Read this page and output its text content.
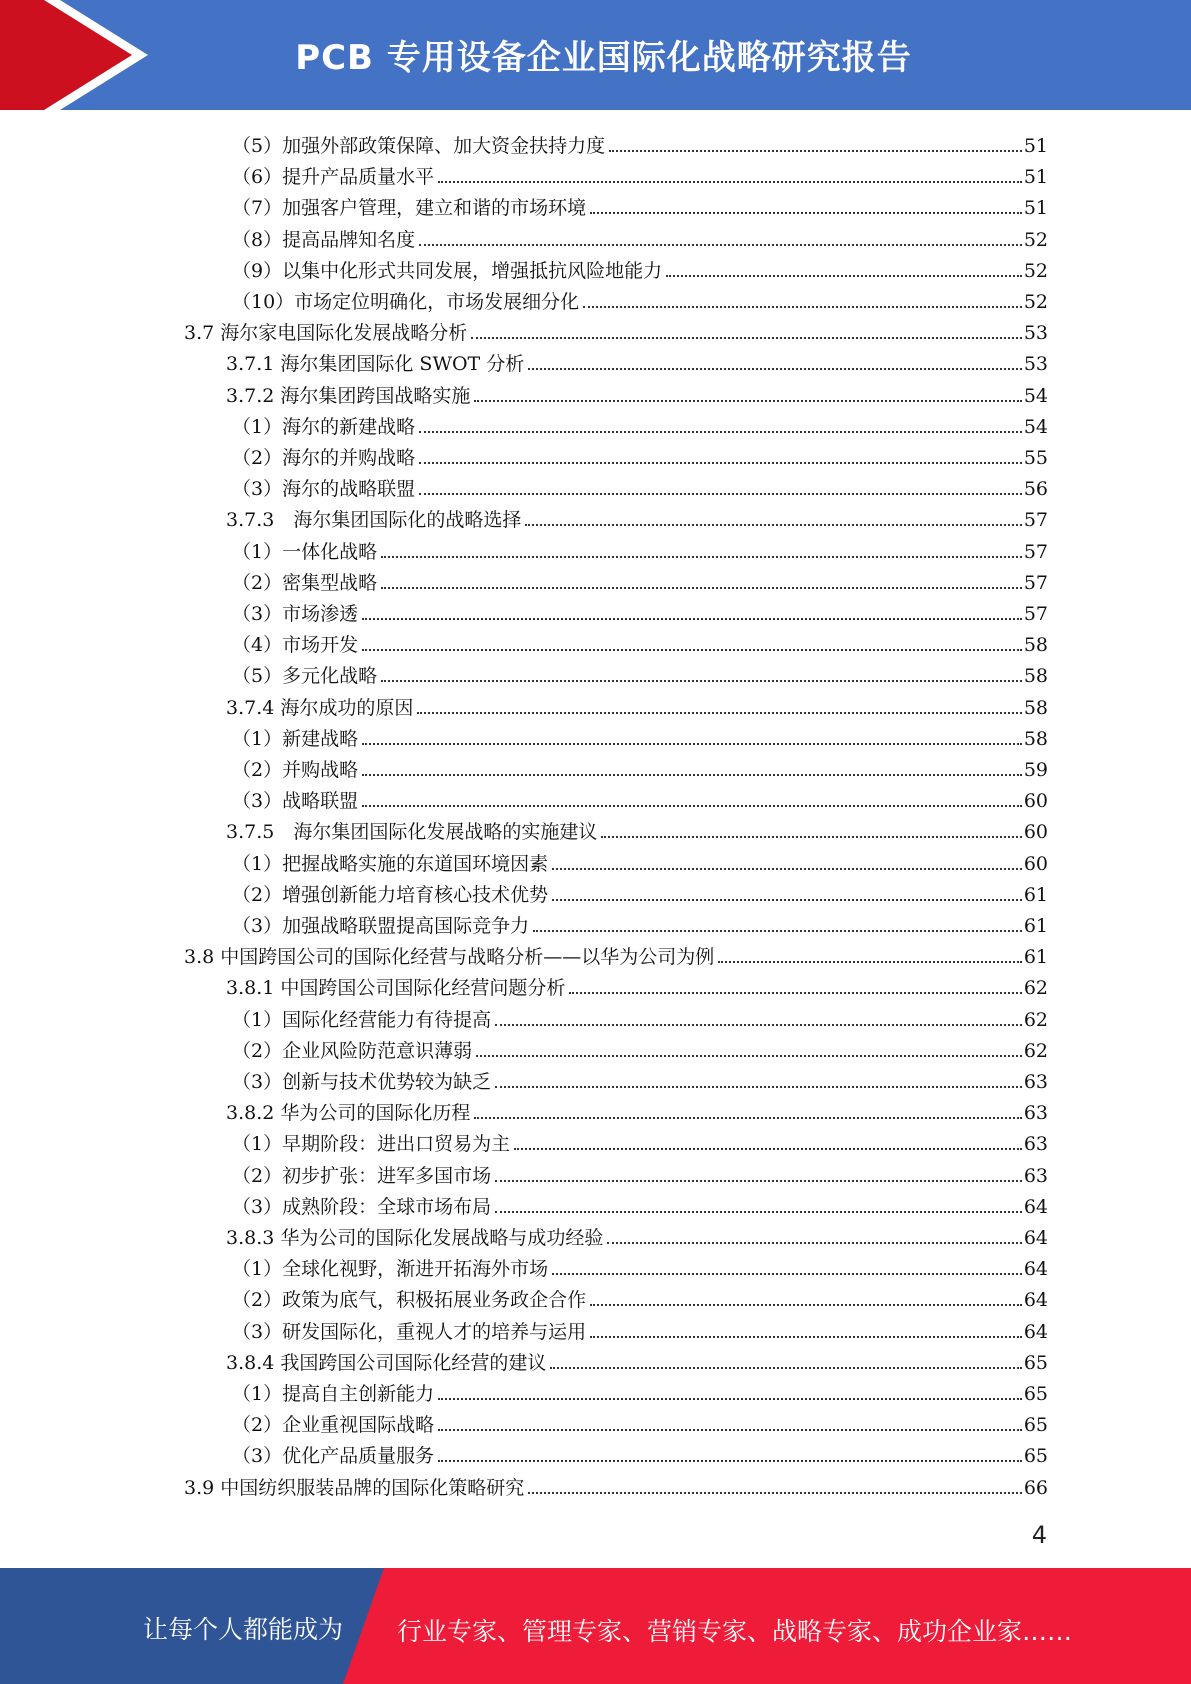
PCB 专用设备企业国际化战略研究报告
（5）加强外部政策保障、加大资金扶持力度	51
（6）提升产品质量水平	51
（7）加强客户管理，建立和谐的市场环境	51
（8）提高品牌知名度	52
（9）以集中化形式共同发展，增强抵抗风险地能力	52
（10）市场定位明确化，市场发展细分化	52
3.7 海尔家电国际化发展战略分析	53
3.7.1 海尔集团国际化 SWOT 分析	53
3.7.2 海尔集团跨国战略实施	54
（1）海尔的新建战略	54
（2）海尔的并购战略	55
（3）海尔的战略联盟	56
3.7.3　海尔集团国际化的战略选择	57
（1）一体化战略	57
（2）密集型战略	57
（3）市场渗透	57
（4）市场开发	58
（5）多元化战略	58
3.7.4 海尔成功的原因	58
（1）新建战略	58
（2）并购战略	59
（3）战略联盟	60
3.7.5　海尔集团国际化发展战略的实施建议	60
（1）把握战略实施的东道国环境因素	60
（2）增强创新能力培育核心技术优势	61
（3）加强战略联盟提高国际竞争力	61
3.8 中国跨国公司的国际化经营与战略分析——以华为公司为例	61
3.8.1 中国跨国公司国际化经营问题分析	62
（1）国际化经营能力有待提高	62
（2）企业风险防范意识薄弱	62
（3）创新与技术优势较为缺乏	63
3.8.2 华为公司的国际化历程	63
（1）早期阶段：进出口贸易为主	63
（2）初步扩张：进军多国市场	63
（3）成熟阶段：全球市场布局	64
3.8.3 华为公司的国际化发展战略与成功经验	64
（1）全球化视野，渐进开拓海外市场	64
（2）政策为底气，积极拓展业务政企合作	64
（3）研发国际化，重视人才的培养与运用	64
3.8.4 我国跨国公司国际化经营的建议	65
（1）提高自主创新能力	65
（2）企业重视国际战略	65
（3）优化产品质量服务	65
3.9 中国纺织服装品牌的国际化策略研究	66
4
让每个人都能成为 行业专家、管理专家、营销专家、战略专家、成功企业家……
